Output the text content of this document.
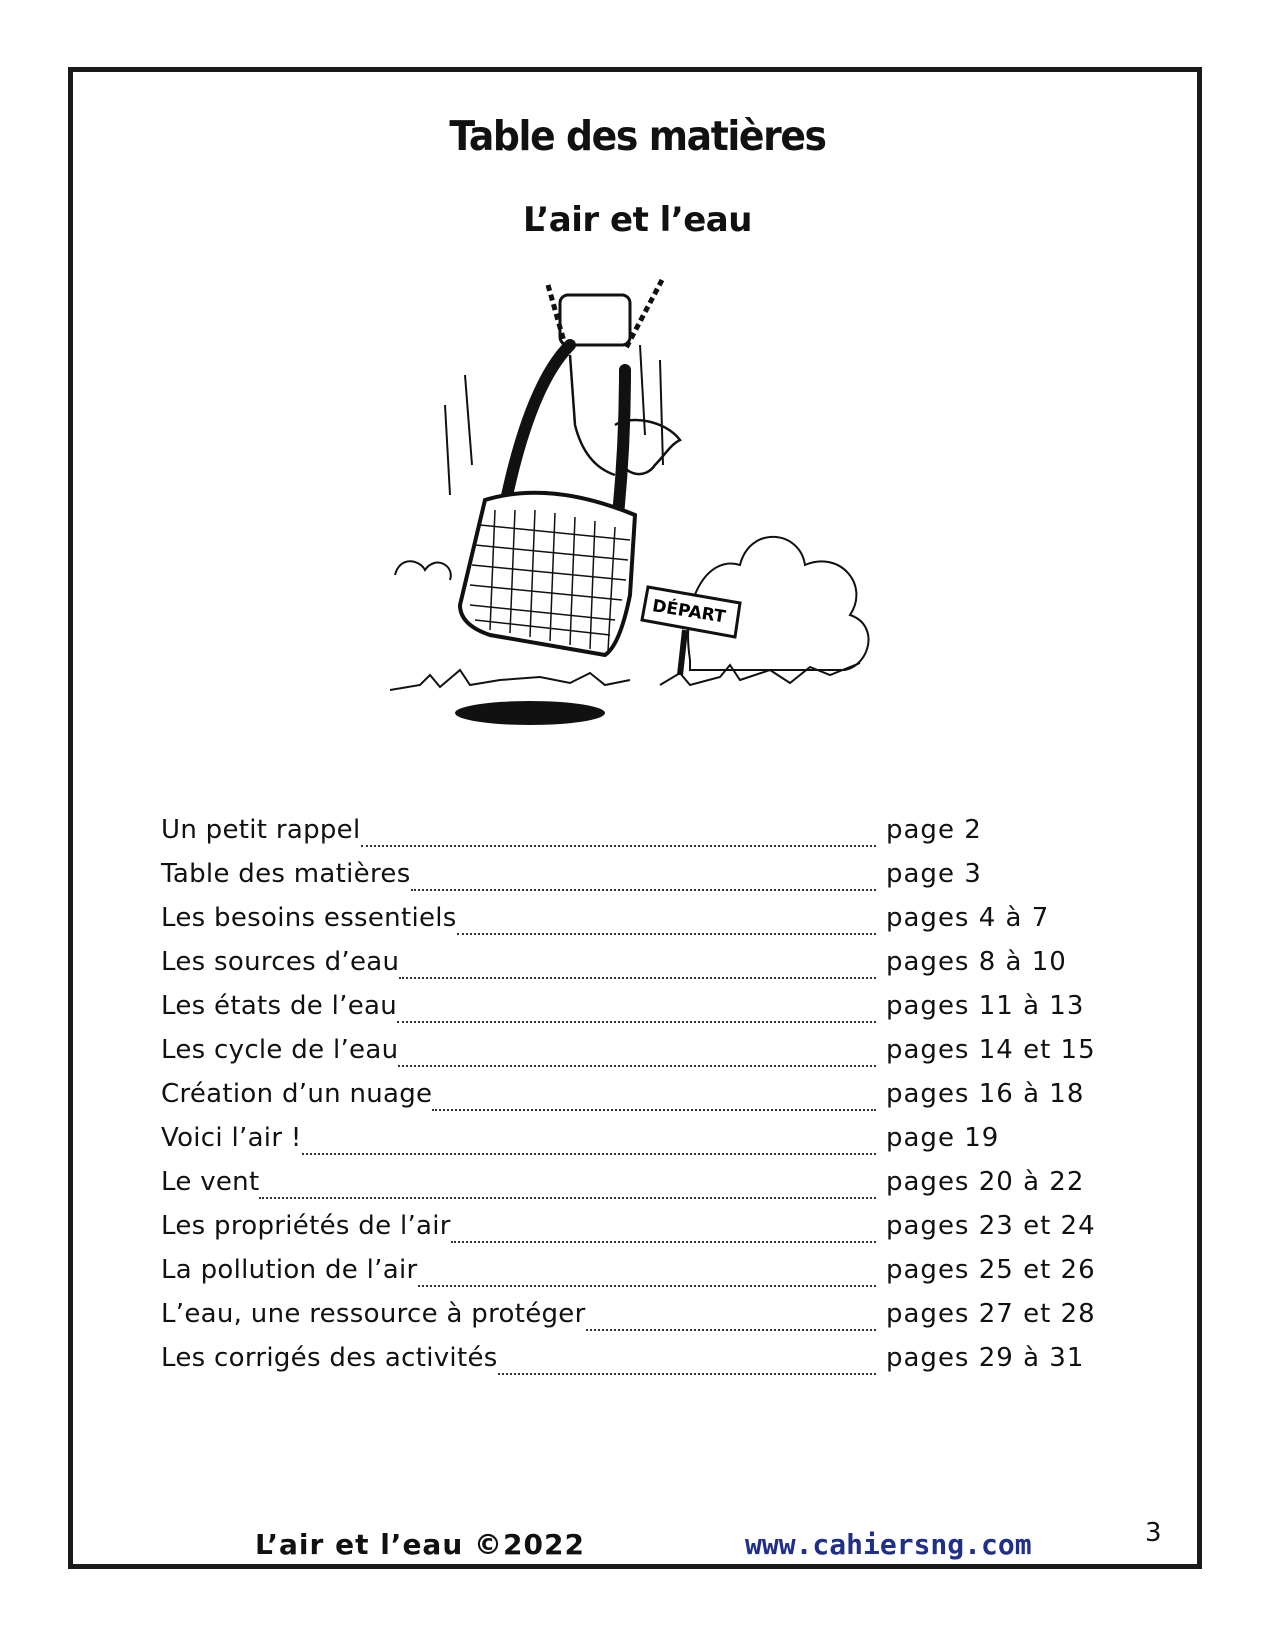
Table des matières
L’air et l’eau
DÉPART
Un petit rappel	page 2
Table des matières	page 3
Les besoins essentiels	pages 4 à 7
Les sources d’eau	pages 8 à 10
Les états de l’eau	pages 11 à 13
Les cycle de l’eau	pages 14 et 15
Création d’un nuage	pages 16 à 18
Voici l’air !	page 19
Le vent	pages 20 à 22
Les propriétés de l’air	pages 23 et 24
La pollution de l’air	pages 25 et 26
L’eau, une ressource à protéger	pages 27 et 28
Les corrigés des activités	pages 29 à 31
L’air et l’eau ©2022	www.cahiersng.com	3
